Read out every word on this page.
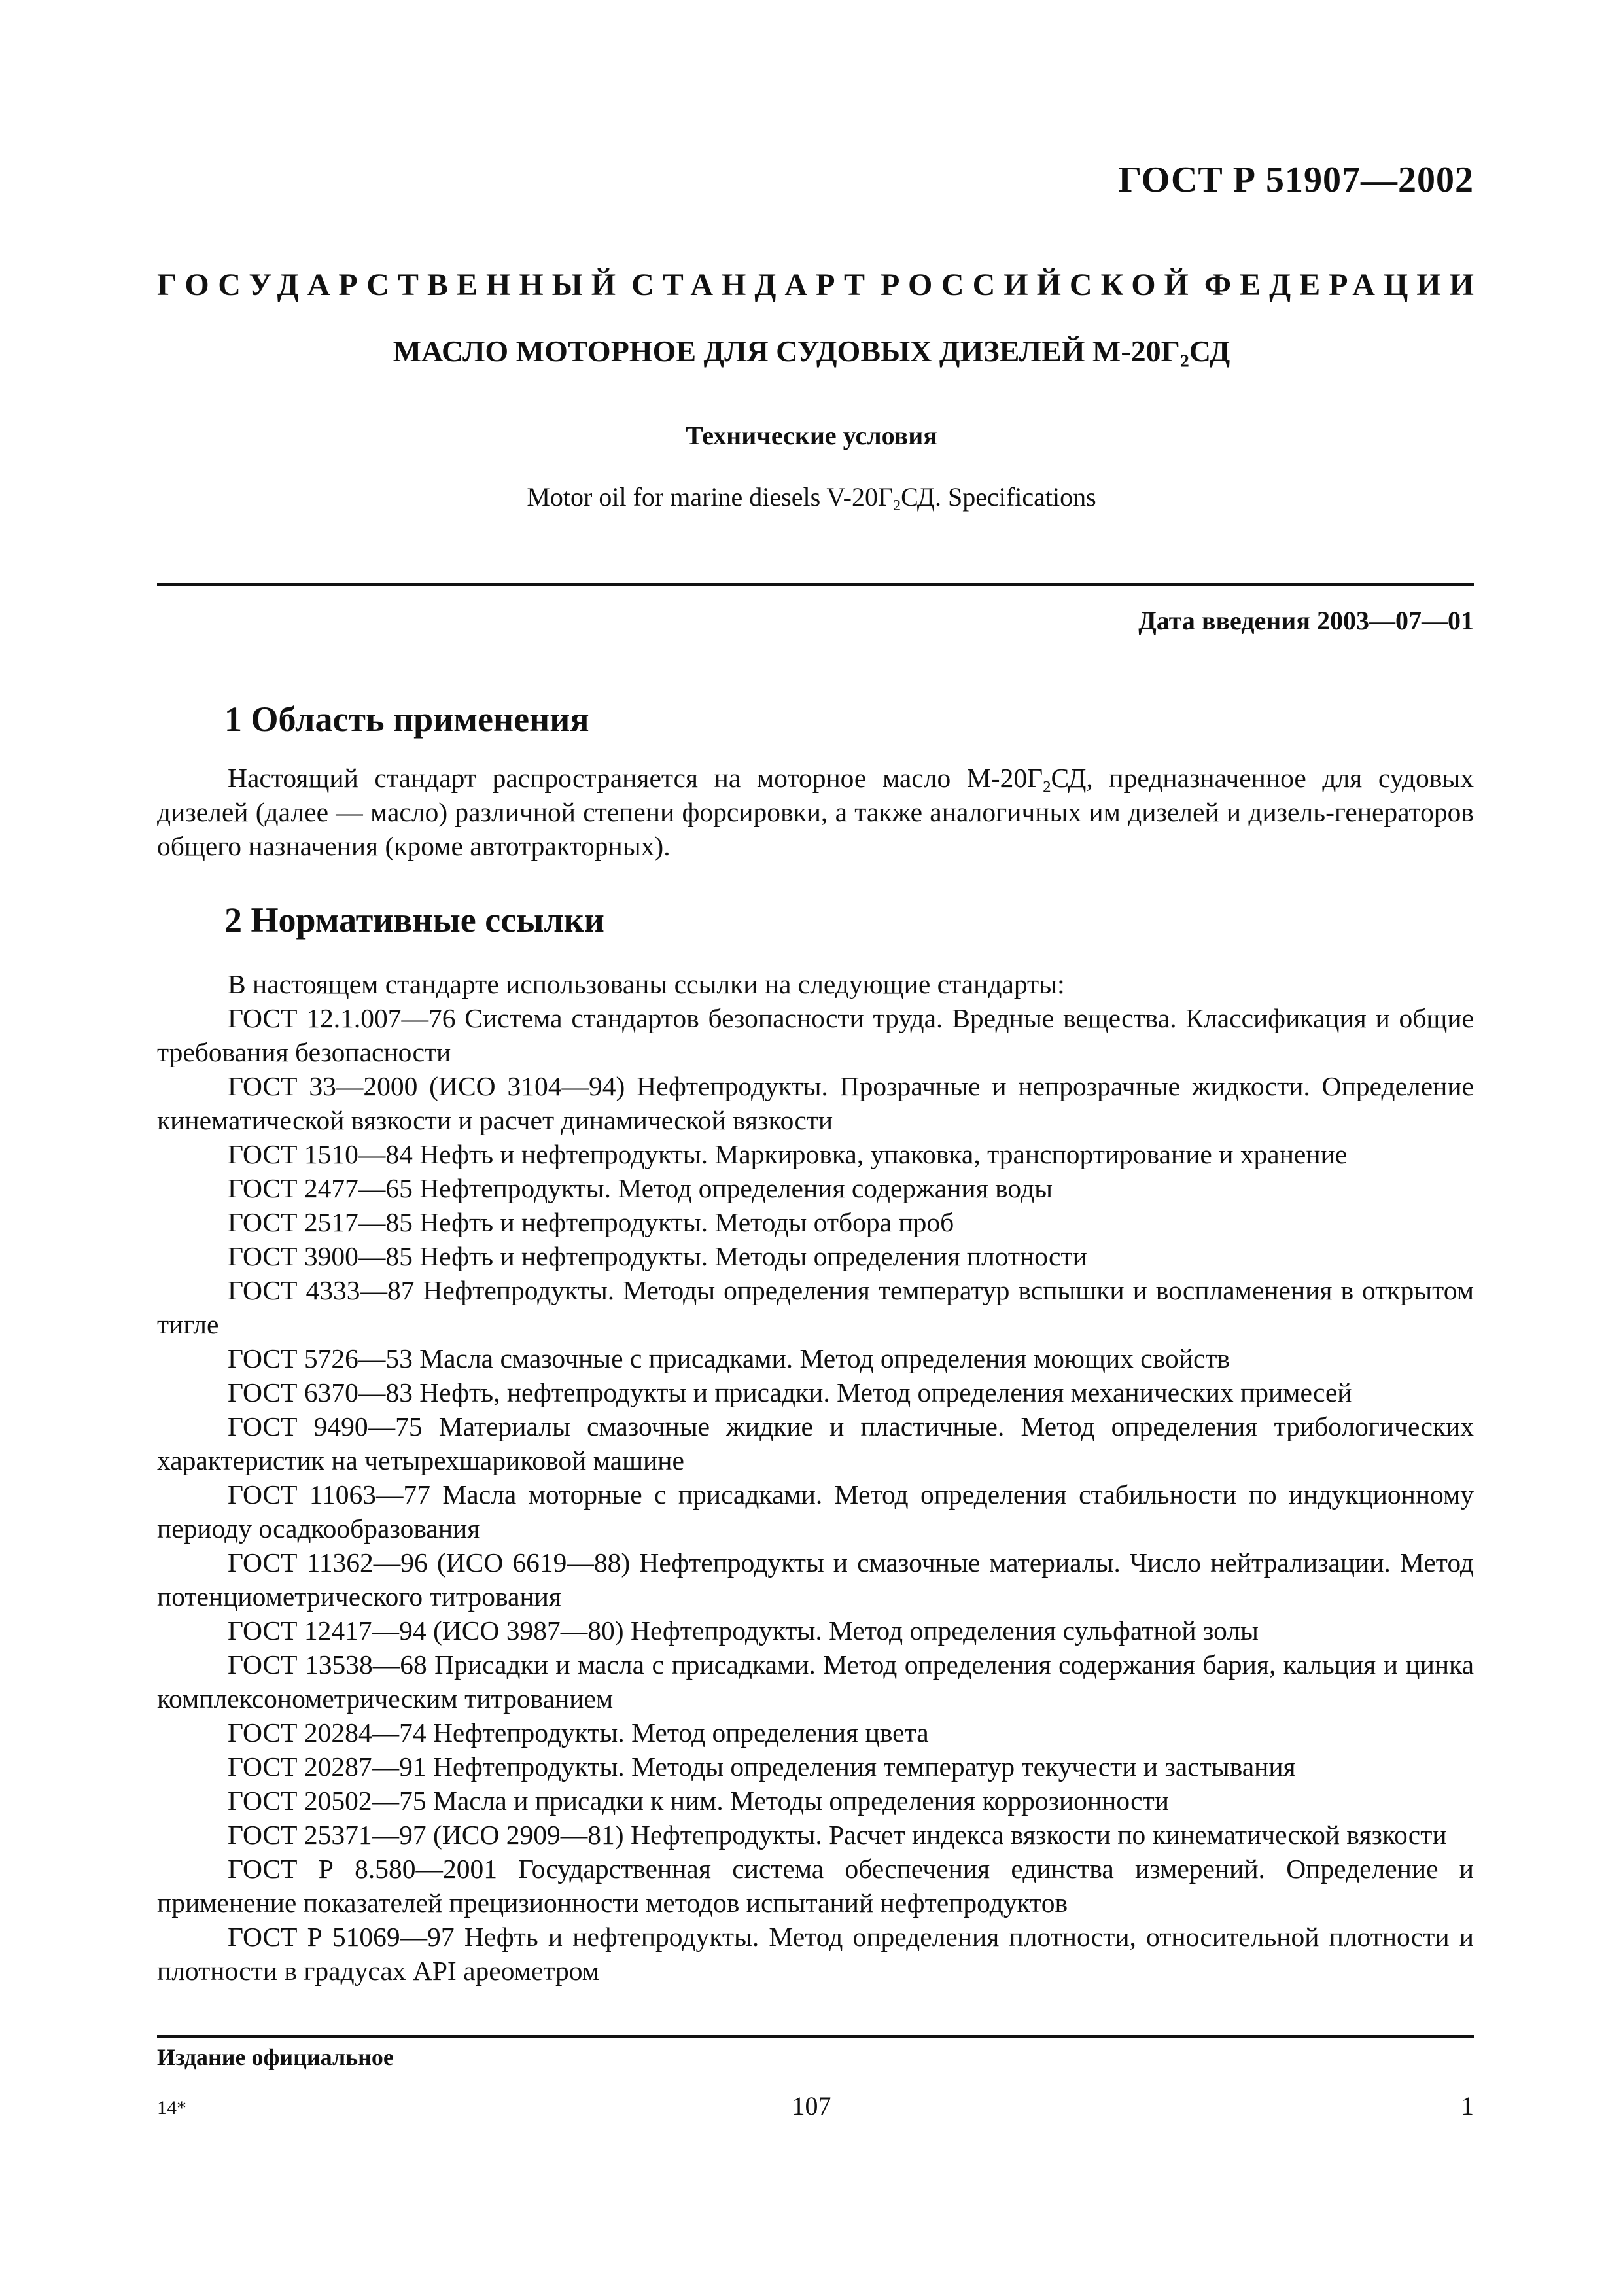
ГОСТ Р 51907—2002
ГОСУДАРСТВЕННЫЙ СТАНДАРТ РОССИЙСКОЙ ФЕДЕРАЦИИ
МАСЛО МОТОРНОЕ ДЛЯ СУДОВЫХ ДИЗЕЛЕЙ $М-20Г_2СД$
Технические условия
Motor oil for marine diesels $V-20Г_2СД$. Specifications
Дата введения 2003—07—01
1 Область применения

Настоящий стандарт распространяется на моторное масло $М-20Г_2СД$, предназначенное для судовых дизелей (далее — масло) различной степени форсировки, а также аналогичных им дизелей и дизель-генераторов общего назначения (кроме автотракторных).

2 Нормативные ссылки

В настоящем стандарте использованы ссылки на следующие стандарты:

ГОСТ 12.1.007—76 Система стандартов безопасности труда. Вредные вещества. Классификация и общие требования безопасности

ГОСТ 33—2000 (ИСО 3104—94) Нефтепродукты. Прозрачные и непрозрачные жидкости. Определение кинематической вязкости и расчет динамической вязкости

ГОСТ 1510—84 Нефть и нефтепродукты. Маркировка, упаковка, транспортирование и хранение

ГОСТ 2477—65 Нефтепродукты. Метод определения содержания воды

ГОСТ 2517—85 Нефть и нефтепродукты. Методы отбора проб

ГОСТ 3900—85 Нефть и нефтепродукты. Методы определения плотности

ГОСТ 4333—87 Нефтепродукты. Методы определения температур вспышки и воспламенения в открытом тигле

ГОСТ 5726—53 Масла смазочные с присадками. Метод определения моющих свойств

ГОСТ 6370—83 Нефть, нефтепродукты и присадки. Метод определения механических примесей

ГОСТ 9490—75 Материалы смазочные жидкие и пластичные. Метод определения трибологических характеристик на четырехшариковой машине

ГОСТ 11063—77 Масла моторные с присадками. Метод определения стабильности по индукционному периоду осадкообразования

ГОСТ 11362—96 (ИСО 6619—88) Нефтепродукты и смазочные материалы. Число нейтрализации. Метод потенциометрического титрования

ГОСТ 12417—94 (ИСО 3987—80) Нефтепродукты. Метод определения сульфатной золы

ГОСТ 13538—68 Присадки и масла с присадками. Метод определения содержания бария, кальция и цинка комплексонометрическим титрованием

ГОСТ 20284—74 Нефтепродукты. Метод определения цвета

ГОСТ 20287—91 Нефтепродукты. Методы определения температур текучести и застывания

ГОСТ 20502—75 Масла и присадки к ним. Методы определения коррозионности

ГОСТ 25371—97 (ИСО 2909—81) Нефтепродукты. Расчет индекса вязкости по кинематической вязкости

ГОСТ Р 8.580—2001 Государственная система обеспечения единства измерений. Определение и применение показателей прецизионности методов испытаний нефтепродуктов

ГОСТ Р 51069—97 Нефть и нефтепродукты. Метод определения плотности, относительной плотности и плотности в градусах API ареометром

Издание официальное
14*	107	1
